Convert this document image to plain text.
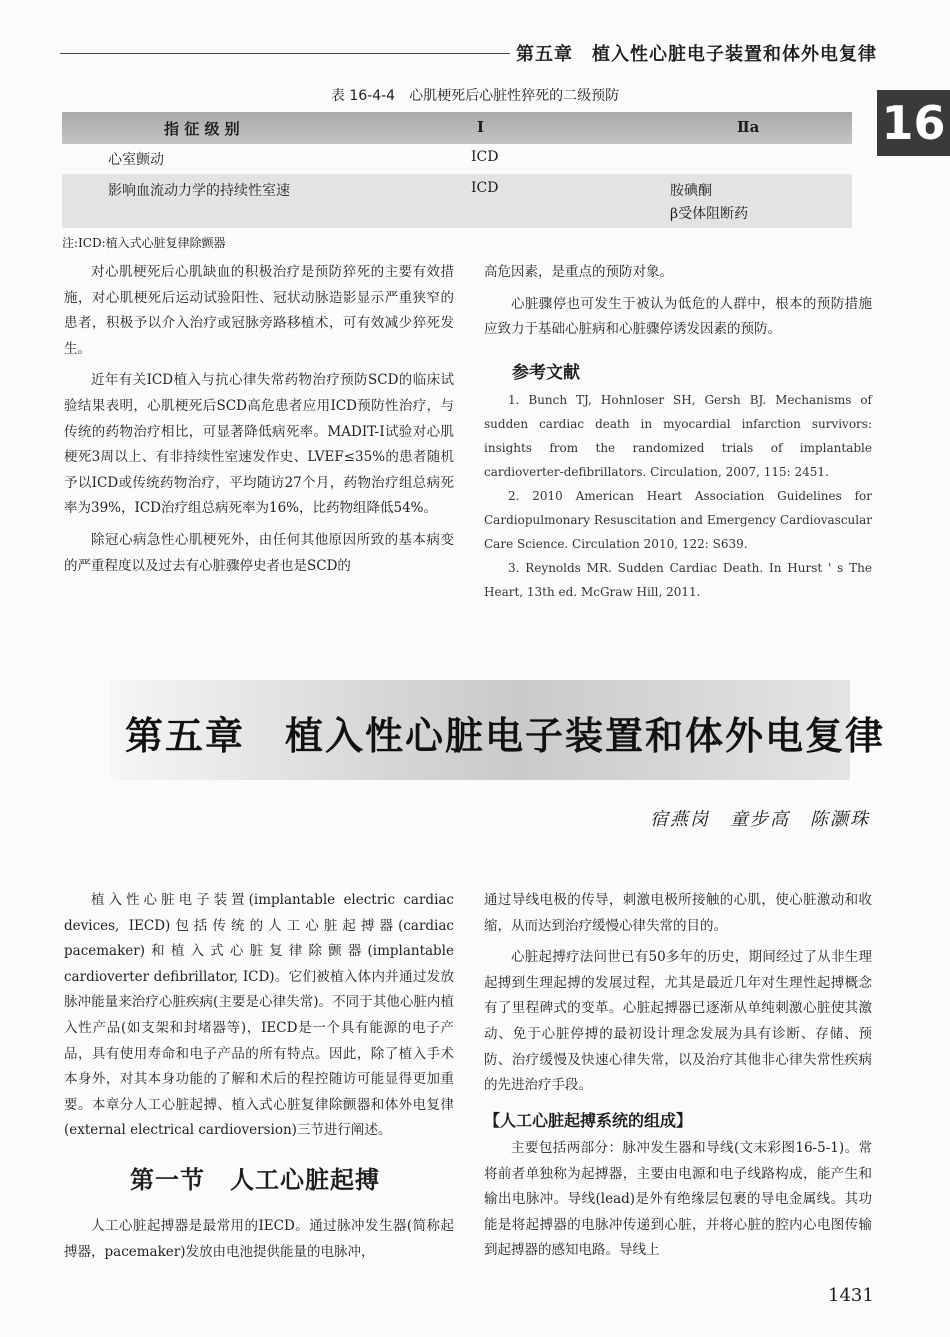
第五章　植入性心脏电子装置和体外电复律
16
表 16-4-4　心肌梗死后心脏性猝死的二级预防
指 征 级 别	Ⅰ	Ⅱa
心室颤动	ICD
影响血流动力学的持续性室速	ICD	胺碘酮
β受体阻断药
注:ICD:植入式心脏复律除颤器

对心肌梗死后心肌缺血的积极治疗是预防猝死的主要有效措施，对心肌梗死后运动试验阳性、冠状动脉造影显示严重狭窄的患者，积极予以介入治疗或冠脉旁路移植术，可有效减少猝死发生。

近年有关ICD植入与抗心律失常药物治疗预防SCD的临床试验结果表明，心肌梗死后SCD高危患者应用ICD预防性治疗，与传统的药物治疗相比，可显著降低病死率。MADIT-Ⅰ试验对心肌梗死3周以上、有非持续性室速发作史、LVEF≤35%的患者随机予以ICD或传统药物治疗，平均随访27个月，药物治疗组总病死率为39%，ICD治疗组总病死率为16%，比药物组降低54%。

除冠心病急性心肌梗死外，由任何其他原因所致的基本病变的严重程度以及过去有心脏骤停史者也是SCD的

高危因素，是重点的预防对象。

心脏骤停也可发生于被认为低危的人群中，根本的预防措施应致力于基础心脏病和心脏骤停诱发因素的预防。

参考文献

1. Bunch TJ, Hohnloser SH, Gersh BJ. Mechanisms of sudden cardiac death in myocardial infarction survivors: insights from the randomized trials of implantable cardioverter-defibrillators. Circulation, 2007, 115: 2451.

2. 2010 American Heart Association Guidelines for Cardiopulmonary Resuscitation and Emergency Cardiovascular Care Science. Circulation 2010, 122: S639.

3. Reynolds MR. Sudden Cardiac Death. In Hurst ' s The Heart, 13th ed. McGraw Hill, 2011.

第五章　植入性心脏电子装置和体外电复律
宿燕岗　童步高　陈灏珠

植入性心脏电子装置(implantable electric cardiac devices, IECD)包括传统的人工心脏起搏器(cardiac pacemaker)和植入式心脏复律除颤器(implantable cardioverter defibrillator, ICD)。它们被植入体内并通过发放脉冲能量来治疗心脏疾病(主要是心律失常)。不同于其他心脏内植入性产品(如支架和封堵器等)，IECD是一个具有能源的电子产品，具有使用寿命和电子产品的所有特点。因此，除了植入手术本身外，对其本身功能的了解和术后的程控随访可能显得更加重要。本章分人工心脏起搏、植入式心脏复律除颤器和体外电复律(external electrical cardioversion)三节进行阐述。

第一节　人工心脏起搏

人工心脏起搏器是最常用的IECD。通过脉冲发生器(简称起搏器，pacemaker)发放由电池提供能量的电脉冲，

通过导线电极的传导，刺激电极所接触的心肌，使心脏激动和收缩，从而达到治疗缓慢心律失常的目的。

心脏起搏疗法问世已有50多年的历史，期间经过了从非生理起搏到生理起搏的发展过程，尤其是最近几年对生理性起搏概念有了里程碑式的变革。心脏起搏器已逐渐从单纯刺激心脏使其激动、免于心脏停搏的最初设计理念发展为具有诊断、存储、预防、治疗缓慢及快速心律失常，以及治疗其他非心律失常性疾病的先进治疗手段。

【人工心脏起搏系统的组成】

主要包括两部分：脉冲发生器和导线(文末彩图16-5-1)。常将前者单独称为起搏器，主要由电源和电子线路构成，能产生和输出电脉冲。导线(lead)是外有绝缘层包裹的导电金属线。其功能是将起搏器的电脉冲传递到心脏，并将心脏的腔内心电图传输到起搏器的感知电路。导线上

1431
